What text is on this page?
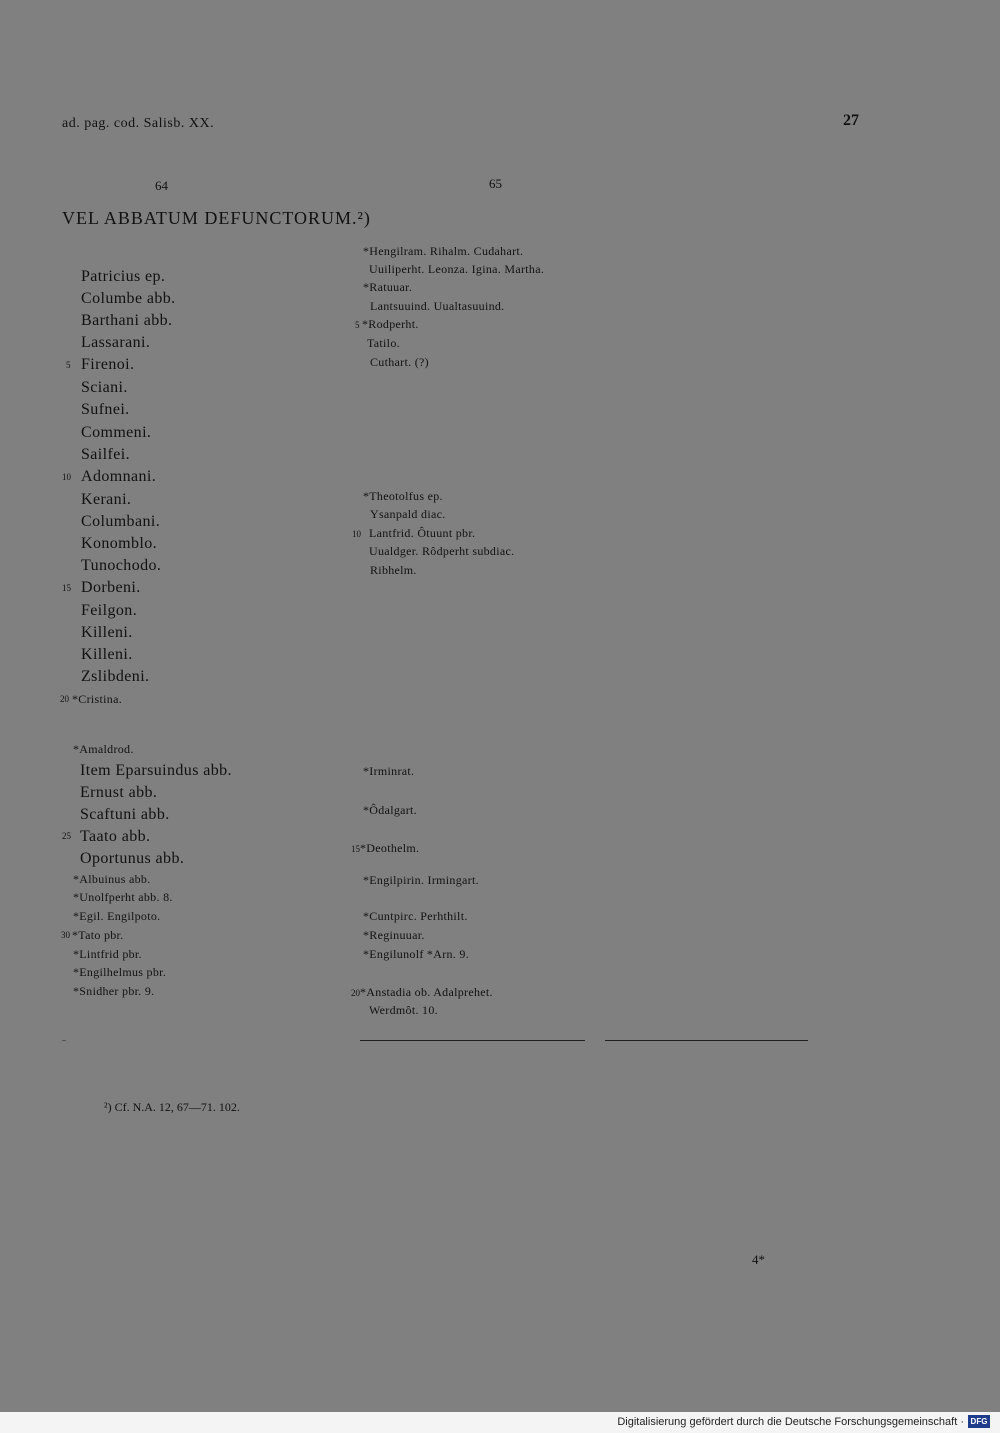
ad. pag. cod. Salisb. XX.	27
64	65
VEL ABBATUM DEFUNCTORUM.²)
5
Patricius ep.
Columbe abb.
Barthani abb.
Lassarani.
Firenoi.
Sciani.
Sufnei.
Commeni.
Sailfei.
10 Adomnani.
Kerani.
Columbani.
Konomblo.
Tunochodo.
15 Dorbeni.
Feilgon.
Killeni.
Killeni.
Zslibdeni.
20 *Cristina.
*Amaldrod.
Item Eparsuindus abb.
Ernust abb.
Scaftuni abb.
25 Taato abb.
Oportunus abb.
*Albuinus abb.
*Unolfperht abb. 8.
*Egil. Engilpoto.
30 *Tato pbr.
*Lintfrid pbr.
*Engilhelmus pbr.
*Snidher pbr. 9.
*Hengilram. Rihalm. Cudahart.
Uuiliperht. Leonza. Igina. Martha.
*Ratuuar.
Lantsuuind. Uualtasuuind.
5 *Rodperht.
Tatilo.
Cuthart. (?)
*Theotolfus ep.
Ysanpald diac.
10 Lantfrid. Ôtuunt pbr.
Uualdger. Rôdperht subdiac.
Ribhelm.
*Irminrat.
*Ôdalgart.
15 *Deothelm.
*Engilpirin. Irmingart.
*Cuntpirc. Perhthilt.
*Reginuuar.
*Engilunolf *Arn. 9.
20 *Anstadia ob. Adalprehet.
Werdmôt. 10.
²) Cf. N.A. 12, 67—71. 102.
4*
Digitalisierung gefördert durch die Deutsche Forschungsgemeinschaft · DFG
